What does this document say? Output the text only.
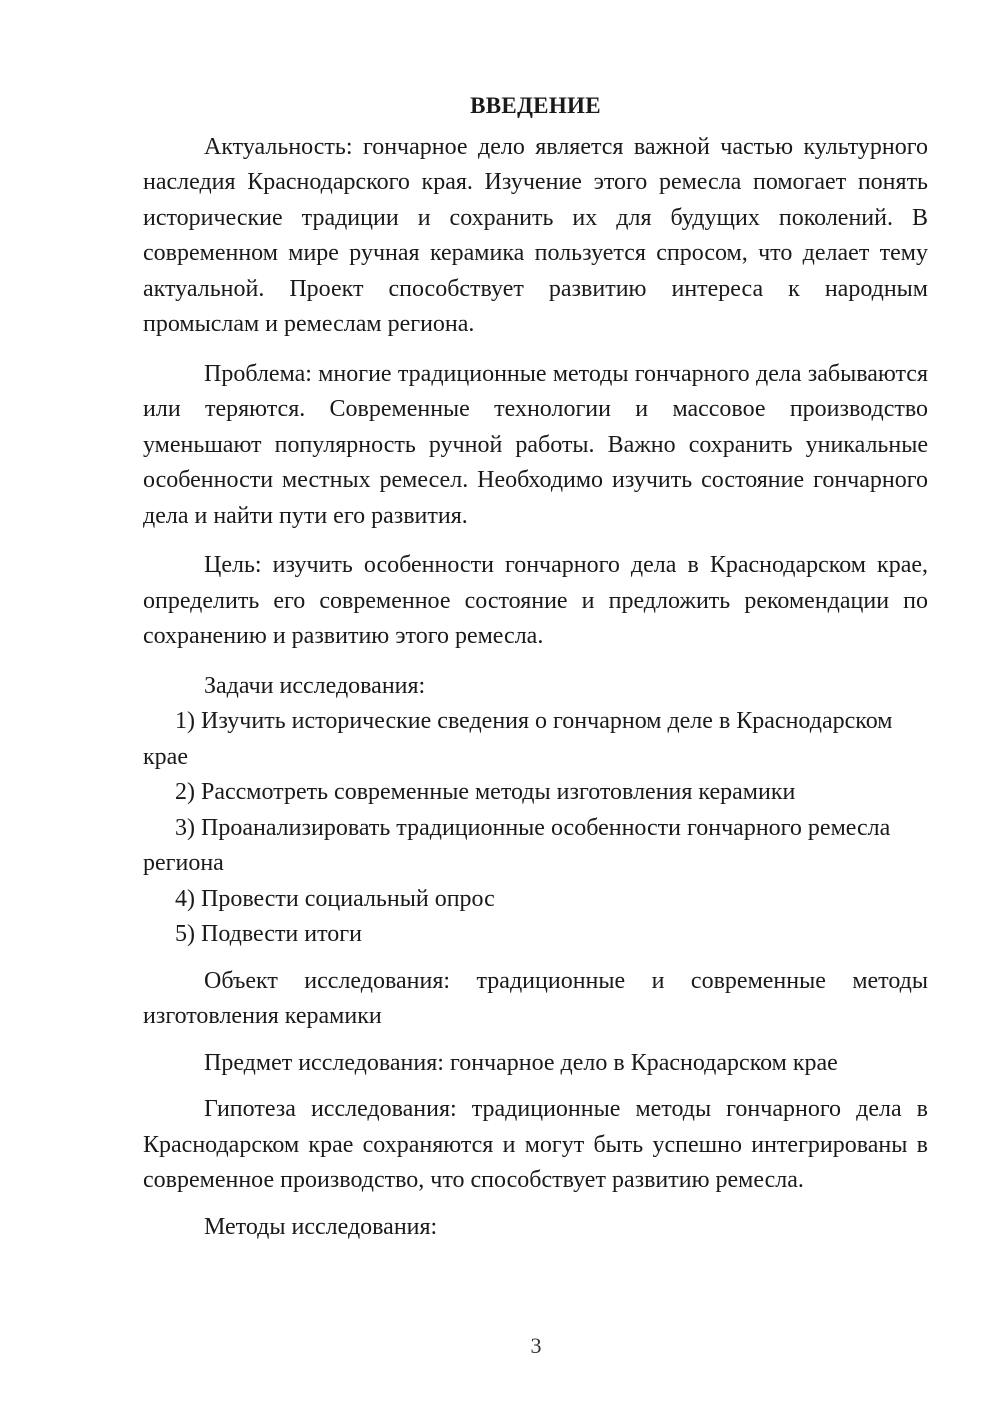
ВВЕДЕНИЕ

Актуальность: гончарное дело является важной частью культурного наследия Краснодарского края. Изучение этого ремесла помогает понять исторические традиции и сохранить их для будущих поколений. В современном мире ручная керамика пользуется спросом, что делает тему актуальной. Проект способствует развитию интереса к народным промыслам и ремеслам региона.

Проблема: многие традиционные методы гончарного дела забываются или теряются. Современные технологии и массовое производство уменьшают популярность ручной работы. Важно сохранить уникальные особенности местных ремесел. Необходимо изучить состояние гончарного дела и найти пути его развития.

Цель: изучить особенности гончарного дела в Краснодарском крае, определить его современное состояние и предложить рекомендации по сохранению и развитию этого ремесла.

Задачи исследования:

1) Изучить исторические сведения о гончарном деле в Краснодарском крае

2) Рассмотреть современные методы изготовления керамики

3) Проанализировать традиционные особенности гончарного ремесла региона

4) Провести социальный опрос

5) Подвести итоги

Объект исследования: традиционные и современные методы изготовления керамики

Предмет исследования: гончарное дело в Краснодарском крае

Гипотеза исследования: традиционные методы гончарного дела в Краснодарском крае сохраняются и могут быть успешно интегрированы в современное производство, что способствует развитию ремесла.

Методы исследования:

3
